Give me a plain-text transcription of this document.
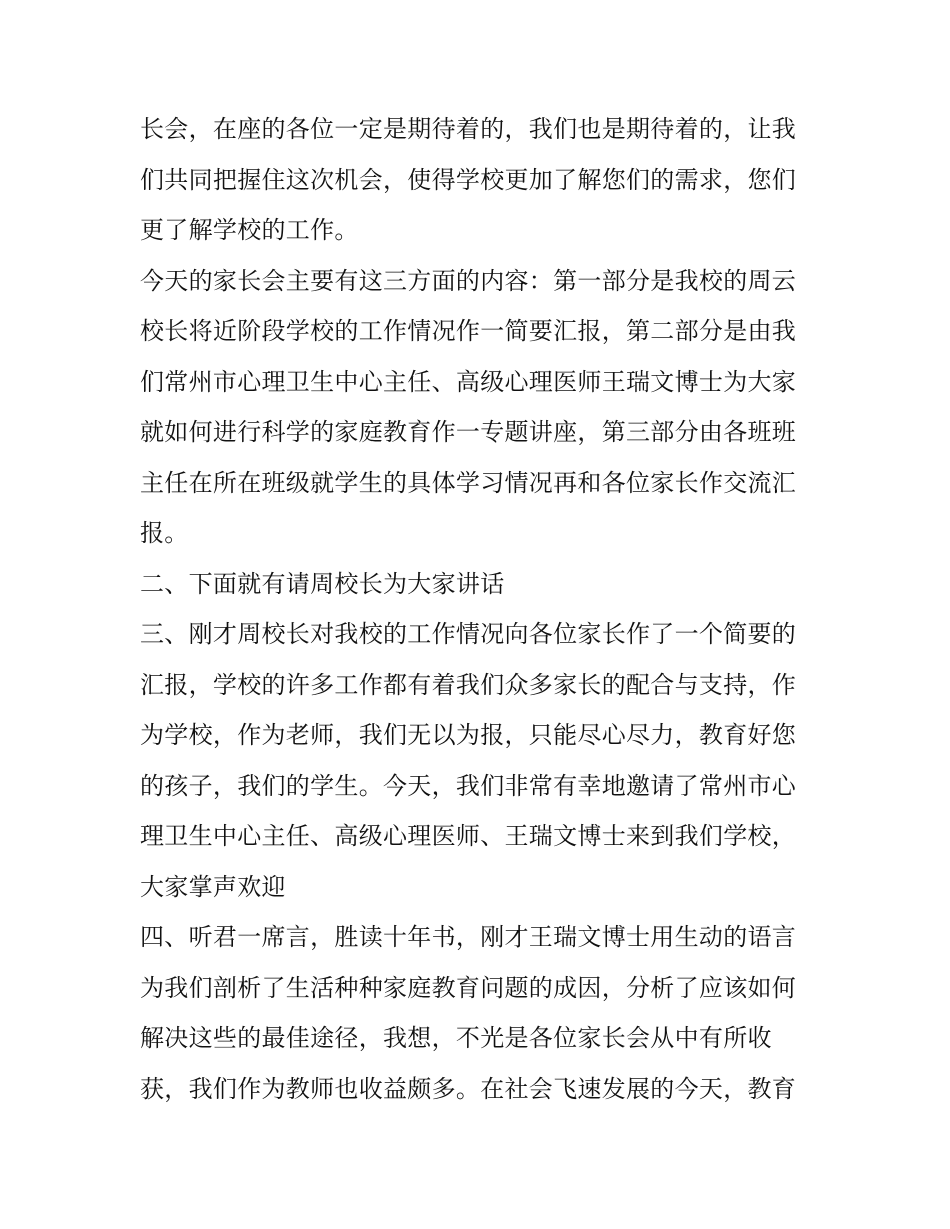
长会，在座的各位一定是期待着的，我们也是期待着的，让我
们共同把握住这次机会，使得学校更加了解您们的需求，您们
更了解学校的工作。
今天的家长会主要有这三方面的内容：第一部分是我校的周云
校长将近阶段学校的工作情况作一简要汇报，第二部分是由我
们常州市心理卫生中心主任、高级心理医师王瑞文博士为大家
就如何进行科学的家庭教育作一专题讲座，第三部分由各班班
主任在所在班级就学生的具体学习情况再和各位家长作交流汇
报。
二、下面就有请周校长为大家讲话
三、刚才周校长对我校的工作情况向各位家长作了一个简要的
汇报，学校的许多工作都有着我们众多家长的配合与支持，作
为学校，作为老师，我们无以为报，只能尽心尽力，教育好您
的孩子，我们的学生。今天，我们非常有幸地邀请了常州市心
理卫生中心主任、高级心理医师、王瑞文博士来到我们学校，
大家掌声欢迎
四、听君一席言，胜读十年书，刚才王瑞文博士用生动的语言
为我们剖析了生活种种家庭教育问题的成因，分析了应该如何
解决这些的最佳途径，我想，不光是各位家长会从中有所收
获，我们作为教师也收益颇多。在社会飞速发展的今天，教育
